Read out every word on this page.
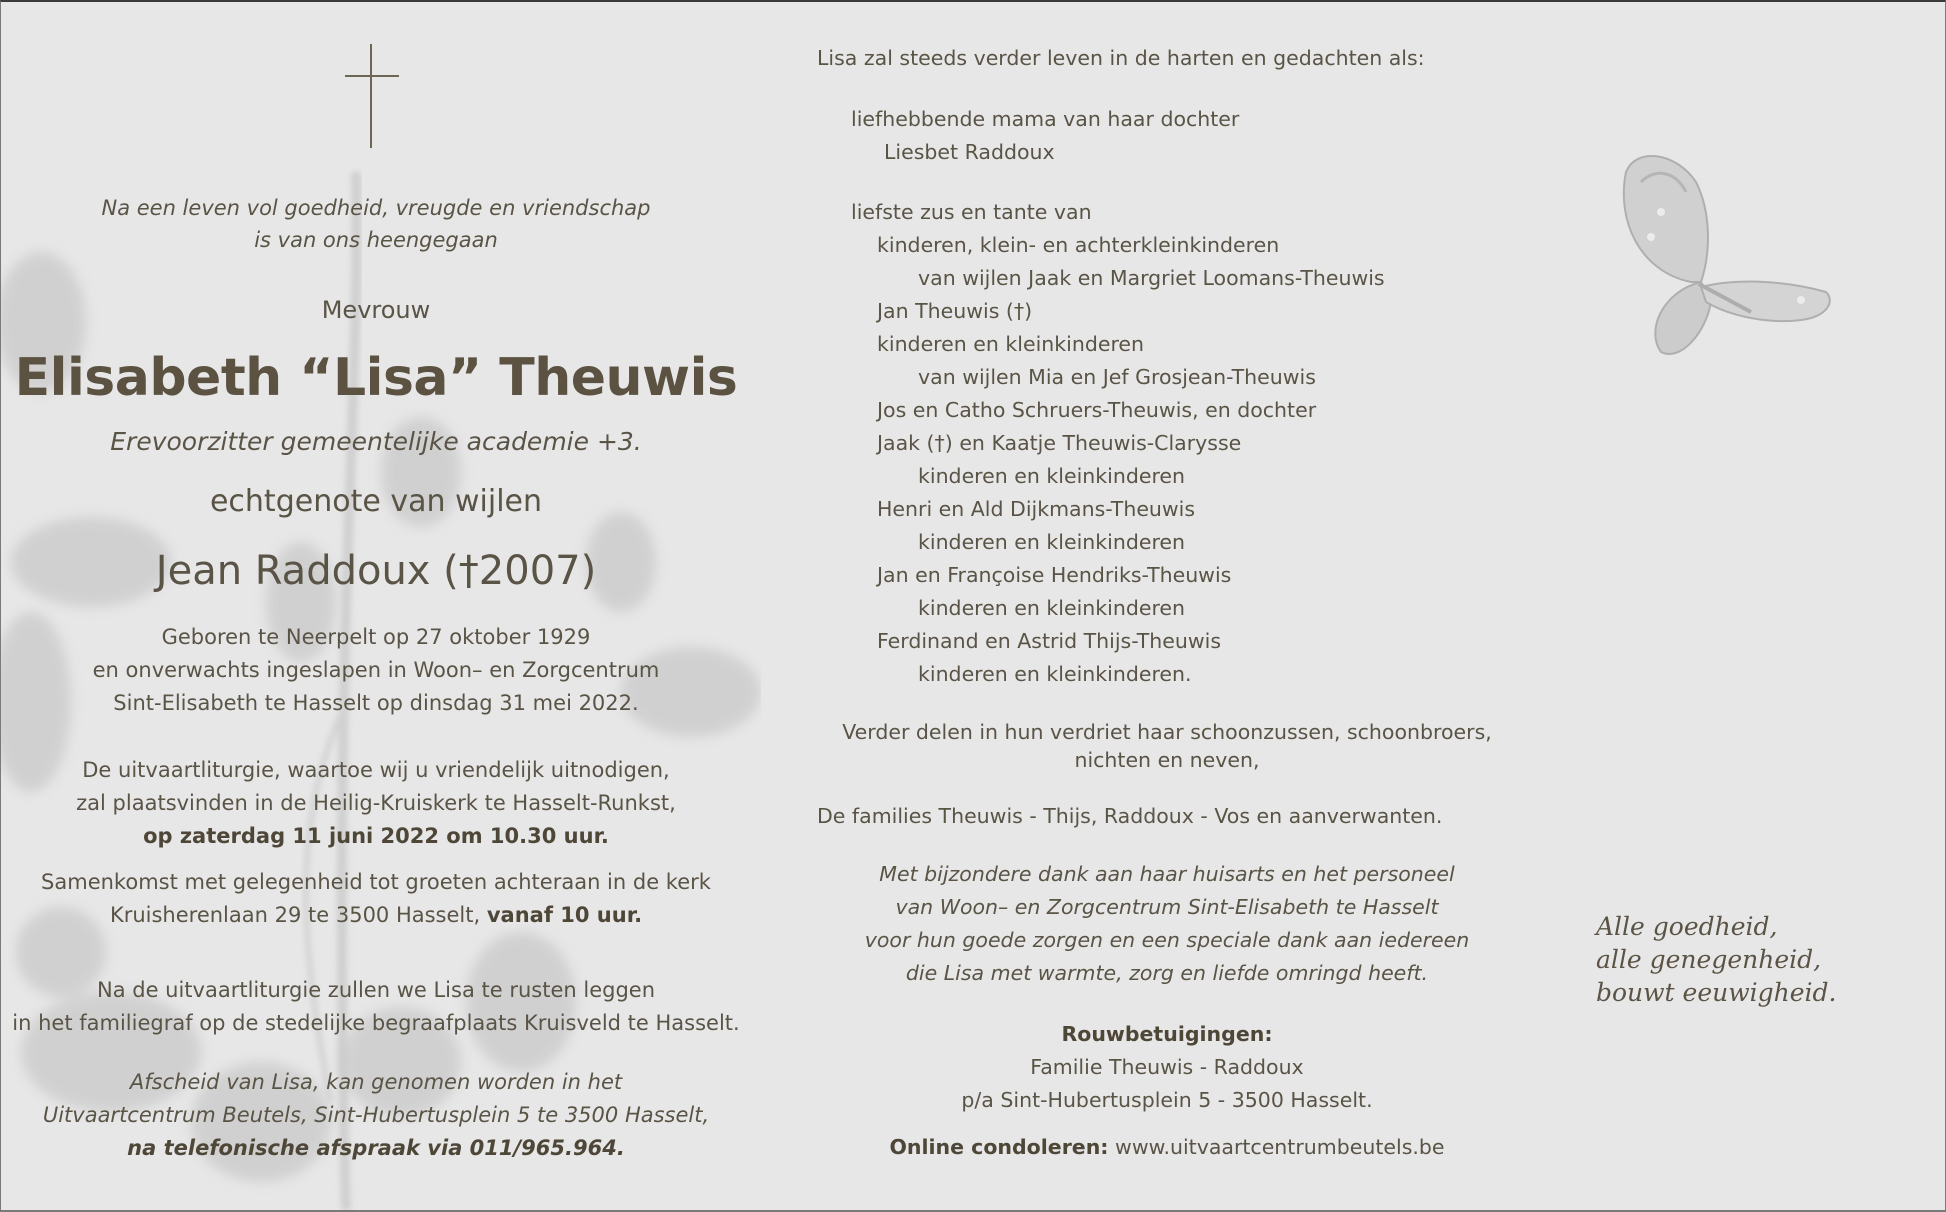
Na een leven vol goedheid, vreugde en vriendschap
is van ons heengegaan
Mevrouw
Elisabeth “Lisa” Theuwis
Erevoorzitter gemeentelijke academie +3.
echtgenote van wijlen
Jean Raddoux (†2007)
Geboren te Neerpelt op 27 oktober 1929
en onverwachts ingeslapen in Woon– en Zorgcentrum
Sint-Elisabeth te Hasselt op dinsdag 31 mei 2022.
De uitvaartliturgie, waartoe wij u vriendelijk uitnodigen,
zal plaatsvinden in de Heilig-Kruiskerk te Hasselt-Runkst,
op zaterdag 11 juni 2022 om 10.30 uur.
Samenkomst met gelegenheid tot groeten achteraan in de kerk
Kruisherenlaan 29 te 3500 Hasselt, vanaf 10 uur.
Na de uitvaartliturgie zullen we Lisa te rusten leggen
in het familiegraf op de stedelijke begraafplaats Kruisveld te Hasselt.
Afscheid van Lisa, kan genomen worden in het
Uitvaartcentrum Beutels, Sint-Hubertusplein 5 te 3500 Hasselt,
na telefonische afspraak via 011/965.964.
Lisa zal steeds verder leven in de harten en gedachten als:
liefhebbende mama van haar dochter
Liesbet Raddoux
liefste zus en tante van
kinderen, klein- en achterkleinkinderen
van wijlen Jaak en Margriet Loomans-Theuwis
Jan Theuwis (†)
kinderen en kleinkinderen
van wijlen Mia en Jef Grosjean-Theuwis
Jos en Catho Schruers-Theuwis, en dochter
Jaak (†) en Kaatje Theuwis-Clarysse
kinderen en kleinkinderen
Henri en Ald Dijkmans-Theuwis
kinderen en kleinkinderen
Jan en Françoise Hendriks-Theuwis
kinderen en kleinkinderen
Ferdinand en Astrid Thijs-Theuwis
kinderen en kleinkinderen.
Verder delen in hun verdriet haar schoonzussen, schoonbroers,
nichten en neven,
De families Theuwis - Thijs, Raddoux - Vos en aanverwanten.
Met bijzondere dank aan haar huisarts en het personeel
van Woon– en Zorgcentrum Sint-Elisabeth te Hasselt
voor hun goede zorgen en een speciale dank aan iedereen
die Lisa met warmte, zorg en liefde omringd heeft.
Rouwbetuigingen:
Familie Theuwis - Raddoux
p/a Sint-Hubertusplein 5 - 3500 Hasselt.
Online condoleren: www.uitvaartcentrumbeutels.be
Alle goedheid,
alle genegenheid,
bouwt eeuwigheid.
